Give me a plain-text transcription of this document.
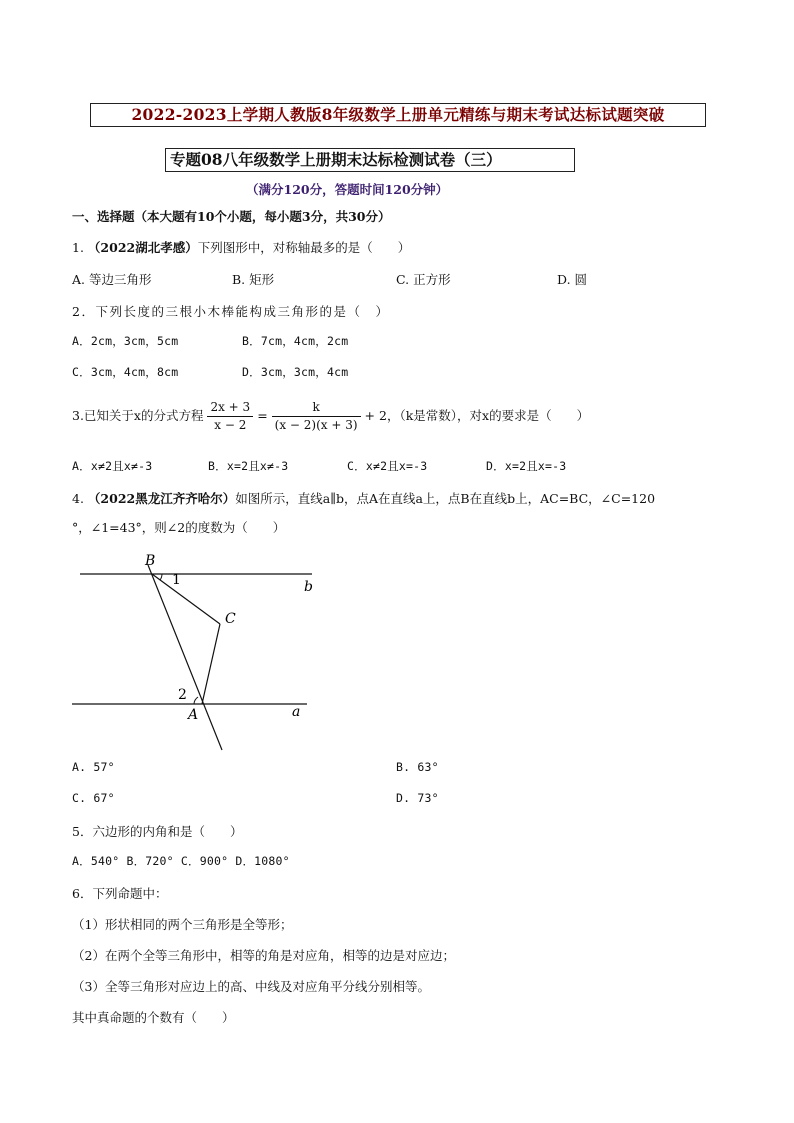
2022-2023上学期人教版8年级数学上册单元精练与期末考试达标试题突破
专题08八年级数学上册期末达标检测试卷（三）
（满分120分，答题时间120分钟）
一、选择题（本大题有10个小题，每小题3分，共30分）
1. （2022湖北孝感）下列图形中，对称轴最多的是（　　）
A. 等边三角形	B. 矩形	C. 正方形	D. 圆
2．下列长度的三根小木棒能构成三角形的是（　）
A．2cm，3cm，5cm	B．7cm，4cm，2cm
C．3cm，4cm，8cm	D．3cm，3cm，4cm
3.已知关于x的分式方程 $\frac{2x + 3}{x - 2} = \frac{k}{(x - 2)(x + 3)} + 2$，（k是常数），对x的要求是（　　）
A．x≠2且x≠-3	B．x=2且x≠-3	C．x≠2且x=-3	D．x=2且x=-3
4. （2022黑龙江齐齐哈尔）如图所示，直线a∥b，点A在直线a上，点B在直线b上，AC=BC，∠C=120
°，∠1=43°，则∠2的度数为（　　）
B
1	b
C
2
A	a
A. 57°	B. 63°
C. 67°	D. 73°
5．六边形的内角和是（　　）
A．540° B．720° C．900° D．1080°
6．下列命题中：
（1）形状相同的两个三角形是全等形；
（2）在两个全等三角形中，相等的角是对应角，相等的边是对应边；
（3）全等三角形对应边上的高、中线及对应角平分线分别相等。
其中真命题的个数有（　　）
